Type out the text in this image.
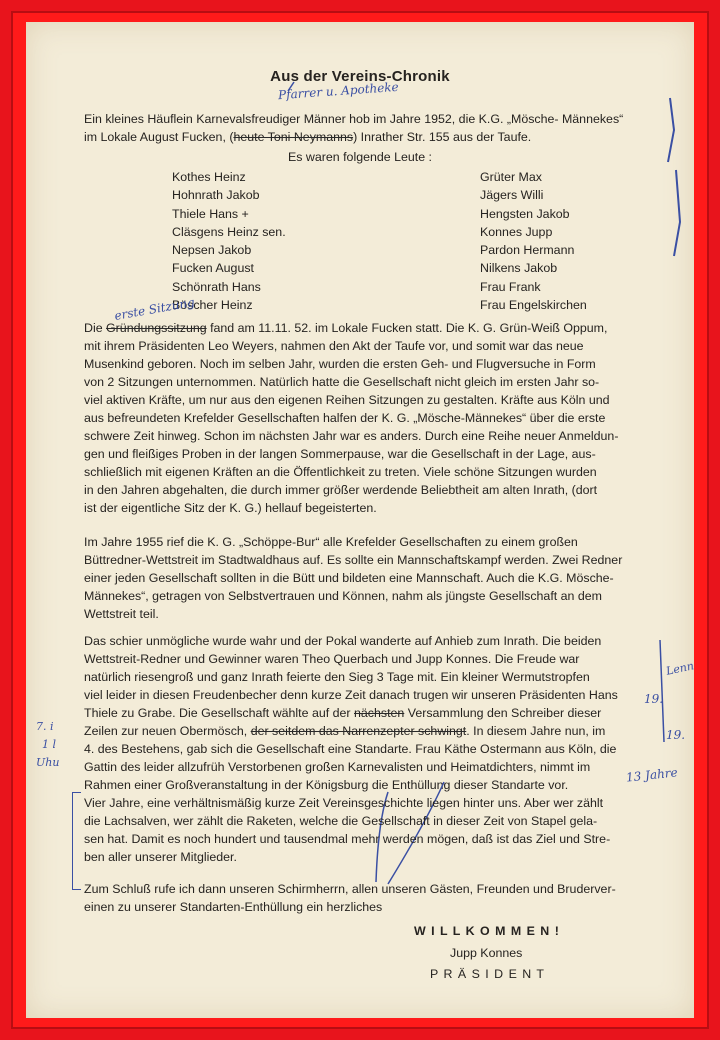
Aus der Vereins-Chronik
Pfarrer u. Apotheke
Ein kleines Häuflein Karnevalsfreudiger Männer hob im Jahre 1952, die K.G. „Mösche- Männekes“
im Lokale August Fucken, (heute Toni Neymanns) Inrather Str. 155 aus der Taufe.
Es waren folgende Leute :
Kothes Heinz
Hohnrath Jakob
Thiele Hans +
Cläsgens Heinz sen.
Nepsen Jakob
Fucken August
Schönrath Hans
Böscher Heinz
Grüter Max
Jägers Willi
Hengsten Jakob
Konnes Jupp
Pardon Hermann
Nilkens Jakob
Frau Frank
Frau Engelskirchen
erste Sitzung
Die Gründungssitzung fand am 11.11. 52. im Lokale Fucken statt. Die K. G. Grün-Weiß Oppum,
mit ihrem Präsidenten Leo Weyers, nahmen den Akt der Taufe vor, und somit war das neue
Musenkind geboren. Noch im selben Jahr, wurden die ersten Geh- und Flugversuche in Form
von 2 Sitzungen unternommen. Natürlich hatte die Gesellschaft nicht gleich im ersten Jahr so-
viel aktiven Kräfte, um nur aus den eigenen Reihen Sitzungen zu gestalten. Kräfte aus Köln und
aus befreundeten Krefelder Gesellschaften halfen der K. G. „Mösche-Männekes“ über die erste
schwere Zeit hinweg. Schon im nächsten Jahr war es anders. Durch eine Reihe neuer Anmeldun-
gen und fleißiges Proben in der langen Sommerpause, war die Gesellschaft in der Lage, aus-
schließlich mit eigenen Kräften an die Öffentlichkeit zu treten. Viele schöne Sitzungen wurden
in den Jahren abgehalten, die durch immer größer werdende Beliebtheit am alten Inrath, (dort
ist der eigentliche Sitz der K. G.) hellauf begeisterten.
Im Jahre 1955 rief die K. G. „Schöppe-Bur“ alle Krefelder Gesellschaften zu einem großen
Büttredner-Wettstreit im Stadtwaldhaus auf. Es sollte ein Mannschaftskampf werden. Zwei Redner
einer jeden Gesellschaft sollten in die Bütt und bildeten eine Mannschaft. Auch die K.G. Mösche-
Männekes“, getragen von Selbstvertrauen und Können, nahm als jüngste Gesellschaft an dem
Wettstreit teil.
Das schier unmögliche wurde wahr und der Pokal wanderte auf Anhieb zum Inrath. Die beiden
Wettstreit-Redner und Gewinner waren Theo Querbach und Jupp Konnes. Die Freude war
natürlich riesengroß und ganz Inrath feierte den Sieg 3 Tage mit. Ein kleiner Wermutstropfen
viel leider in diesen Freudenbecher denn kurze Zeit danach trugen wir unseren Präsidenten Hans
Thiele zu Grabe. Die Gesellschaft wählte auf der nächsten Versammlung den Schreiber dieser
Zeilen zur neuen Obermösch, der seitdem das Narrenzepter schwingt. In diesem Jahre nun, im
4. des Bestehens, gab sich die Gesellschaft eine Standarte. Frau Käthe Ostermann aus Köln, die
Gattin des leider allzufrüh Verstorbenen großen Karnevalisten und Heimatdichters, nimmt im
Rahmen einer Großveranstaltung in der Königsburg die Enthüllung dieser Standarte vor.
7. i
1 l
Uhu
Lenn
19.
19.
13 Jahre
Vier Jahre, eine verhältnismäßig kurze Zeit Vereinsgeschichte liegen hinter uns. Aber wer zählt
die Lachsalven, wer zählt die Raketen, welche die Gesellschaft in dieser Zeit von Stapel gela-
sen hat. Damit es noch hundert und tausendmal mehr werden mögen, daß ist das Ziel und Stre-
ben aller unserer Mitglieder.
Zum Schluß rufe ich dann unseren Schirmherrn, allen unseren Gästen, Freunden und Bruderver-
einen zu unserer Standarten-Enthüllung ein herzliches
W I L L K O M M E N !
Jupp Konnes
P R Ä S I D E N T
